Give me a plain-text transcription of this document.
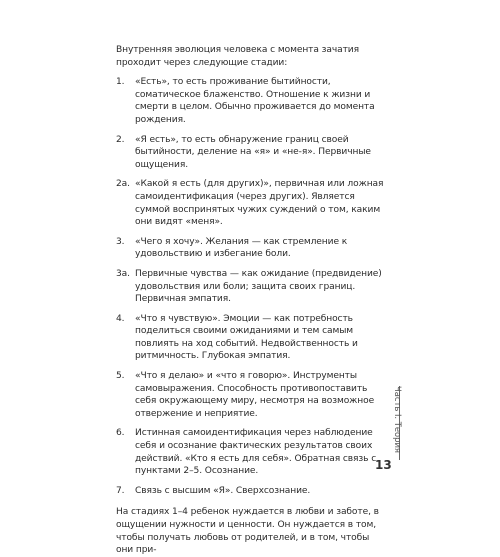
Внутренняя эволюция человека с момента зачатия проходит через следующие стадии:

1.	«Есть», то есть проживание бытийности, соматическое блаженство. Отношение к жизни и смерти в целом. Обычно проживается до момента рождения.
2.	«Я есть», то есть обнаружение границ своей бытийности, деление на «я» и «не-я». Первичные ощущения.
2а. «Какой я есть (для других)», первичная или ложная самоидентификация (через других). Является суммой воспринятых чужих суждений о том, каким они видят «меня».
3.	«Чего я хочу». Желания — как стремление к удовольствию и избегание боли.
3а. Первичные чувства — как ожидание (предвидение) удовольствия или боли; защита своих границ. Первичная эмпатия.
4.	«Что я чувствую». Эмоции — как потребность поделиться своими ожиданиями и тем самым повлиять на ход событий. Недвойственность и ритмичность. Глубокая эмпатия.
5.	«Что я делаю» и «что я говорю». Инструменты самовыражения. Способность противопоставить себя окружающему миру, несмотря на возможное отвержение и неприятие.
6.	Истинная самоидентификация через наблюдение себя и осознание фактических результатов своих действий. «Кто я есть для себя». Обратная связь с пунктами 2–5. Осознание.
7.	Связь с высшим «Я». Сверхсознание.

На стадиях 1–4 ребенок нуждается в любви и заботе, в ощущении нужности и ценности. Он нуждается в том, чтобы получать любовь от родителей, и в том, чтобы они при-

Часть I. Теория
13
